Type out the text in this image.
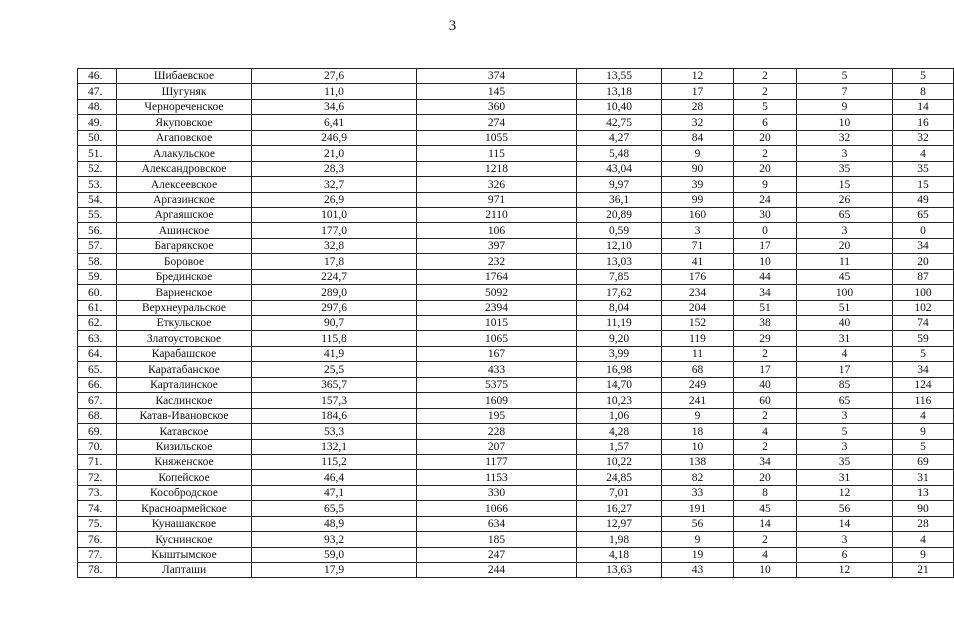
3
46.	Шибаевское	27,6	374	13,55	12	2	5	5
47.	Шугуняк	11,0	145	13,18	17	2	7	8
48.	Чернореченское	34,6	360	10,40	28	5	9	14
49.	Якуповское	6,41	274	42,75	32	6	10	16
50.	Агаповское	246,9	1055	4,27	84	20	32	32
51.	Алакульское	21,0	115	5,48	9	2	3	4
52.	Александровское	28,3	1218	43,04	90	20	35	35
53.	Алексеевское	32,7	326	9,97	39	9	15	15
54.	Аргазинское	26,9	971	36,1	99	24	26	49
55.	Аргаяшское	101,0	2110	20,89	160	30	65	65
56.	Ашинское	177,0	106	0,59	3	0	3	0
57.	Багарякское	32,8	397	12,10	71	17	20	34
58.	Боровое	17,8	232	13,03	41	10	11	20
59.	Брединское	224,7	1764	7,85	176	44	45	87
60.	Варненское	289,0	5092	17,62	234	34	100	100
61.	Верхнеуральское	297,6	2394	8,04	204	51	51	102
62.	Еткульское	90,7	1015	11,19	152	38	40	74
63.	Златоустовское	115,8	1065	9,20	119	29	31	59
64.	Карабашское	41,9	167	3,99	11	2	4	5
65.	Каратабанское	25,5	433	16,98	68	17	17	34
66.	Карталинское	365,7	5375	14,70	249	40	85	124
67.	Каслинское	157,3	1609	10,23	241	60	65	116
68.	Катав-Ивановское	184,6	195	1,06	9	2	3	4
69.	Катавское	53,3	228	4,28	18	4	5	9
70.	Кизильское	132,1	207	1,57	10	2	3	5
71.	Княженское	115,2	1177	10,22	138	34	35	69
72.	Копейское	46,4	1153	24,85	82	20	31	31
73.	Кособродское	47,1	330	7,01	33	8	12	13
74.	Красноармейское	65,5	1066	16,27	191	45	56	90
75.	Кунашакское	48,9	634	12,97	56	14	14	28
76.	Куснинское	93,2	185	1,98	9	2	3	4
77.	Кыштымское	59,0	247	4,18	19	4	6	9
78.	Лапташи	17,9	244	13,63	43	10	12	21
